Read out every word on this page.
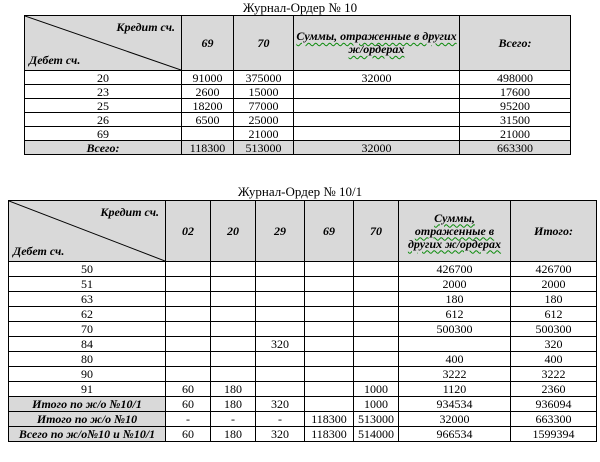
Журнал-Ордер № 10
Кредит сч.
Дебет сч.	69	70	Суммы, отраженные в других ж/ордерах	Всего:
20	91000	375000	32000	498000
23	2600	15000		17600
25	18200	77000		95200
26	6500	25000		31500
69		21000		21000
Всего:	118300	513000	32000	663300
Журнал-Ордер № 10/1
Кредит сч.
Дебет сч.	02	20	29	69	70	Суммы, отраженные в других ж/ордерах	Итого:
50						426700	426700
51						2000	2000
63						180	180
62						612	612
70						500300	500300
84			320				320
80						400	400
90						3222	3222
91	60	180			1000	1120	2360
Итого по ж/о №10/1	60	180	320		1000	934534	936094
Итого по ж/о №10	-	-	-	118300	513000	32000	663300
Всего по ж/о№10 и №10/1	60	180	320	118300	514000	966534	1599394
